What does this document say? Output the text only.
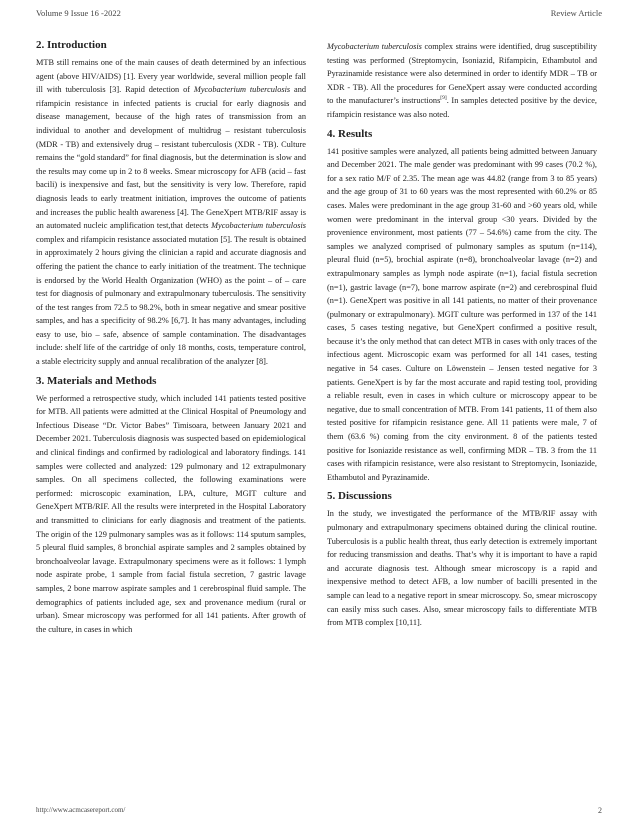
Volume 9 Issue 16 -2022	Review Article
2. Introduction

MTB still remains one of the main causes of death determined by an infectious agent (above HIV/AIDS) [1]. Every year worldwide, several million people fall ill with tuberculosis [3]. Rapid detection of Mycobacterium tuberculosis and rifampicin resistance in infected patients is crucial for early diagnosis and disease management, because of the high rates of transmission from an individual to another and development of multidrug – resistant tuberculosis (MDR - TB) and extensively drug – resistant tuberculosis (XDR - TB). Culture remains the “gold standard” for final diagnosis, but the determination is slow and the results may come up in 2 to 8 weeks. Smear microscopy for AFB (acid – fast bacili) is inexpensive and fast, but the sensitivity is very low. Therefore, rapid diagnosis leads to early treatment initiation, improves the outcome of patients and increases the public health awareness [4]. The GeneXpert MTB/RIF assay is an automated nucleic amplification test,that detects Mycobacterium tuberculosis complex and rifampicin resistance associated mutation [5]. The result is obtained in approximately 2 hours giving the clinician a rapid and accurate diagnosis and offering the patient the chance to early initiation of the treatment. The technique is endorsed by the World Health Organization (WHO) as the point – of – care test for diagnosis of pulmonary and extrapulmonary tuberculosis. The sensitivity of the test ranges from 72.5 to 98.2%, both in smear negative and smear positive samples, and has a specificity of 98.2% [6,7]. It has many advantages, including easy to use, bio – safe, absence of sample contamination. The disadvantages include: shelf life of the cartridge of only 18 months, costs, temperature control, a stable electricity supply and annual recalibration of the analyzer [8].

3. Materials and Methods

We performed a retrospective study, which included 141 patients tested positive for MTB. All patients were admitted at the Clinical Hospital of Pneumology and Infectious Disease “Dr. Victor Babes” Timisoara, between January 2021 and December 2021. Tuberculosis diagnosis was suspected based on epidemiological and clinical findings and confirmed by radiological and laboratory findings. 141 samples were collected and analyzed: 129 pulmonary and 12 extrapulmonary samples. On all specimens collected, the following examinations were performed: microscopic examination, LPA, culture, MGIT culture and GeneXpert MTB/RIF. All the results were interpreted in the Hospital Laboratory and transmitted to clinicians for early diagnosis and treatment of the patients. The origin of the 129 pulmonary samples was as it follows: 114 sputum samples, 5 pleural fluid samples, 8 bronchial aspirate samples and 2 samples obtained by bronchoalveolar lavage. Extrapulmonary specimens were as it follows: 1 lymph node aspirate probe, 1 sample from facial fistula secretion, 7 gastric lavage samples, 2 bone marrow aspirate samples and 1 cerebrospinal fluid sample. The demographics of patients included age, sex and provenance medium (rural or urban). Smear microscopy was performed for all 141 patients. After growth of the culture, in cases in which

Mycobacterium tuberculosis complex strains were identified, drug susceptibility testing was performed (Streptomycin, Isoniazid, Rifampicin, Ethambutol and Pyrazinamide resistance were also determined in order to identify MDR – TB or XDR - TB). All the procedures for GeneXpert assay were conducted according to the manufacturer’s instructions[9]. In samples detected positive by the device, rifampicin resistance was also noted.

4. Results

141 positive samples were analyzed, all patients being admitted between January and December 2021. The male gender was predominant with 99 cases (70.2 %), for a sex ratio M/F of 2.35. The mean age was 44.82 (range from 3 to 85 years) and the age group of 31 to 60 years was the most represented with 60.2% or 85 cases. Males were predominant in the age group 31-60 and >60 years old, while women were predominant in the interval group <30 years. Divided by the provenience environment, most patients (77 – 54.6%) came from the city. The samples we analyzed comprised of pulmonary samples as sputum (n=114), pleural fluid (n=5), brochial aspirate (n=8), bronchoalveolar lavage (n=2) and extrapulmonary samples as lymph node aspirate (n=1), facial fistula secretion (n=1), gastric lavage (n=7), bone marrow aspirate (n=2) and cerebrospinal fluid (n=1). GeneXpert was positive in all 141 patients, no matter of their provenance (pulmonary or extrapulmonary). MGIT culture was performed in 137 of the 141 cases, 5 cases testing negative, but GeneXpert confirmed a positive result, because it’s the only method that can detect MTB in cases with only traces of the infectious agent. Microscopic exam was performed for all 141 cases, testing negative in 54 cases. Culture on Löwenstein – Jensen tested negative for 3 patients. GeneXpert is by far the most accurate and rapid testing tool, providing a reliable result, even in cases in which culture or microscopy appear to be negative, due to small concentration of MTB. From 141 patients, 11 of them also tested positive for rifampicin resistance gene. All 11 patients were male, 7 of them (63.6 %) coming from the city environment. 8 of the patients tested positive for Isoniazide resistance as well, confirming MDR – TB. 3 from the 11 cases with rifampicin resistance, were also resistant to Streptomycin, Isoniazide, Ethambutol and Pyrazinamide.

5. Discussions

In the study, we investigated the performance of the MTB/RIF assay with pulmonary and extrapulmonary specimens obtained during the clinical routine. Tuberculosis is a public health threat, thus early detection is extremely important for reducing transmission and deaths. That’s why it is important to have a rapid and accurate diagnosis test. Although smear microscopy is a rapid and inexpensive method to detect AFB, a low number of bacilli presented in the sample can lead to a negative report in smear microscopy. So, smear microscopy can easily miss such cases. Also, smear microscopy fails to differentiate MTB from MTB complex [10,11].

http://www.acmcasereport.com/	2
